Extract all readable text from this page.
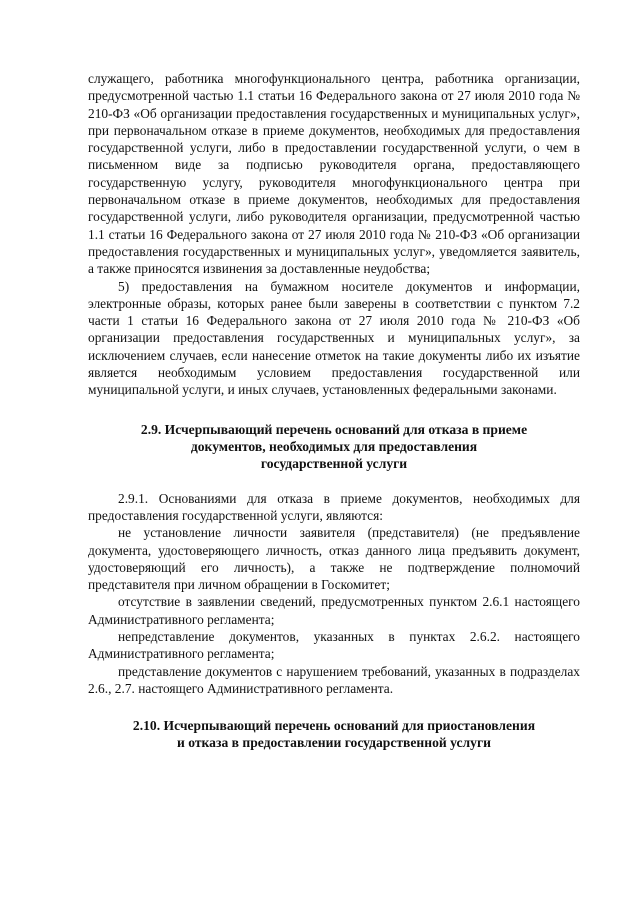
служащего, работника многофункционального центра, работника организации, предусмотренной частью 1.1 статьи 16 Федерального закона от 27 июля 2010 года № 210-ФЗ «Об организации предоставления государственных и муниципальных услуг», при первоначальном отказе в приеме документов, необходимых для предоставления государственной услуги, либо в предоставлении государственной услуги, о чем в письменном виде за подписью руководителя органа, предоставляющего государственную услугу, руководителя многофункционального центра при первоначальном отказе в приеме документов, необходимых для предоставления государственной услуги, либо руководителя организации, предусмотренной частью 1.1 статьи 16 Федерального закона от 27 июля 2010 года № 210-ФЗ «Об организации предоставления государственных и муниципальных услуг», уведомляется заявитель, а также приносятся извинения за доставленные неудобства;

5) предоставления на бумажном носителе документов и информации, электронные образы, которых ранее были заверены в соответствии с пунктом 7.2 части 1 статьи 16 Федерального закона от 27 июля 2010 года № 210-ФЗ «Об организации предоставления государственных и муниципальных услуг», за исключением случаев, если нанесение отметок на такие документы либо их изъятие является необходимым условием предоставления государственной или муниципальной услуги, и иных случаев, установленных федеральными законами.

2.9. Исчерпывающий перечень оснований для отказа в приеме
документов, необходимых для предоставления
государственной услуги

2.9.1. Основаниями для отказа в приеме документов, необходимых для предоставления государственной услуги, являются:

не установление личности заявителя (представителя) (не предъявление документа, удостоверяющего личность, отказ данного лица предъявить документ, удостоверяющий его личность), а также не подтверждение полномочий представителя при личном обращении в Госкомитет;

отсутствие в заявлении сведений, предусмотренных пунктом 2.6.1 настоящего Административного регламента;

непредставление документов, указанных в пунктах 2.6.2. настоящего Административного регламента;

представление документов с нарушением требований, указанных в подразделах 2.6., 2.7. настоящего Административного регламента.

2.10. Исчерпывающий перечень оснований для приостановления
и отказа в предоставлении государственной услуги
